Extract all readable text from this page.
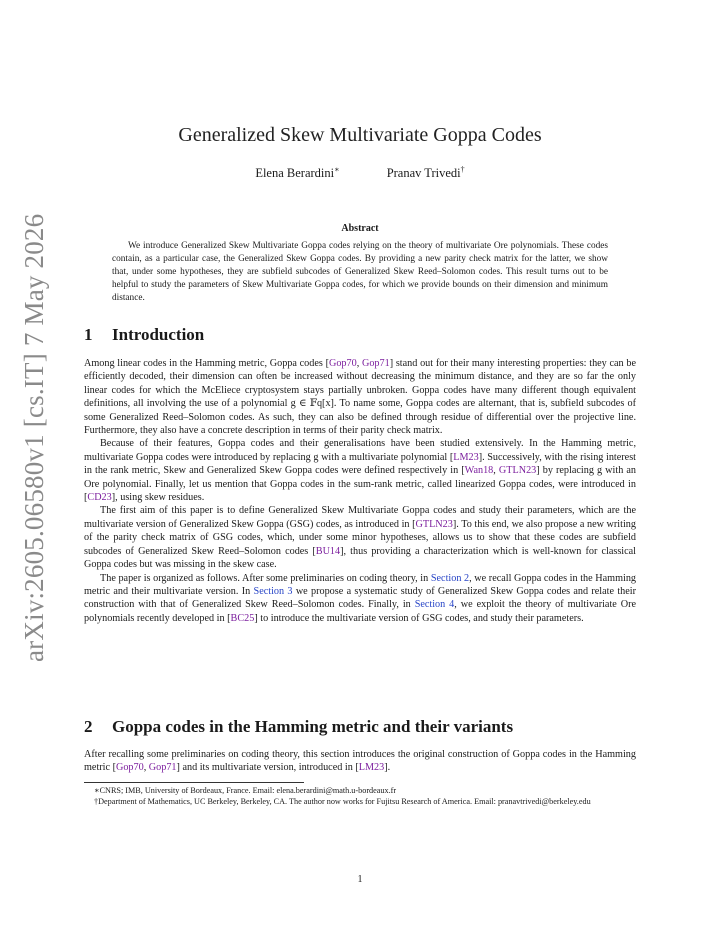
arXiv:2605.06580v1 [cs.IT] 7 May 2026
Generalized Skew Multivariate Goppa Codes
Elena Berardini∗	Pranav Trivedi†
Abstract
We introduce Generalized Skew Multivariate Goppa codes relying on the theory of multivariate Ore polynomials. These codes contain, as a particular case, the Generalized Skew Goppa codes. By providing a new parity check matrix for the latter, we show that, under some hypotheses, they are subfield subcodes of Generalized Skew Reed–Solomon codes. This result turns out to be helpful to study the parameters of Skew Multivariate Goppa codes, for which we provide bounds on their dimension and minimum distance.
1 Introduction

Among linear codes in the Hamming metric, Goppa codes [Gop70, Gop71] stand out for their many interesting properties: they can be efficiently decoded, their dimension can often be increased without decreasing the minimum distance, and they are so far the only linear codes for which the McEliece cryptosystem stays partially unbroken. Goppa codes have many different though equivalent definitions, all involving the use of a polynomial g ∈ 𝔽q[x]. To name some, Goppa codes are alternant, that is, subfield subcodes of some Generalized Reed–Solomon codes. As such, they can also be defined through residue of differential over the projective line. Furthermore, they also have a concrete description in terms of their parity check matrix.

Because of their features, Goppa codes and their generalisations have been studied extensively. In the Hamming metric, multivariate Goppa codes were introduced by replacing g with a multivariate polynomial [LM23]. Successively, with the rising interest in the rank metric, Skew and Generalized Skew Goppa codes were defined respectively in [Wan18, GTLN23] by replacing g with an Ore polynomial. Finally, let us mention that Goppa codes in the sum-rank metric, called linearized Goppa codes, were introduced in [CD23], using skew residues.

The first aim of this paper is to define Generalized Skew Multivariate Goppa codes and study their parameters, which are the multivariate version of Generalized Skew Goppa (GSG) codes, as introduced in [GTLN23]. To this end, we also propose a new writing of the parity check matrix of GSG codes, which, under some minor hypotheses, allows us to show that these codes are subfield subcodes of Generalized Skew Reed–Solomon codes [BU14], thus providing a characterization which is well-known for classical Goppa codes but was missing in the skew case.

The paper is organized as follows. After some preliminaries on coding theory, in Section 2, we recall Goppa codes in the Hamming metric and their multivariate version. In Section 3 we propose a systematic study of Generalized Skew Goppa codes and relate their construction with that of Generalized Skew Reed–Solomon codes. Finally, in Section 4, we exploit the theory of multivariate Ore polynomials recently developed in [BC25] to introduce the multivariate version of GSG codes, and study their parameters.

2 Goppa codes in the Hamming metric and their variants

After recalling some preliminaries on coding theory, this section introduces the original construction of Goppa codes in the Hamming metric [Gop70, Gop71] and its multivariate version, introduced in [LM23].

∗CNRS; IMB, University of Bordeaux, France. Email: elena.berardini@math.u-bordeaux.fr

†Department of Mathematics, UC Berkeley, Berkeley, CA. The author now works for Fujitsu Research of America. Email: pranavtrivedi@berkeley.edu

1
